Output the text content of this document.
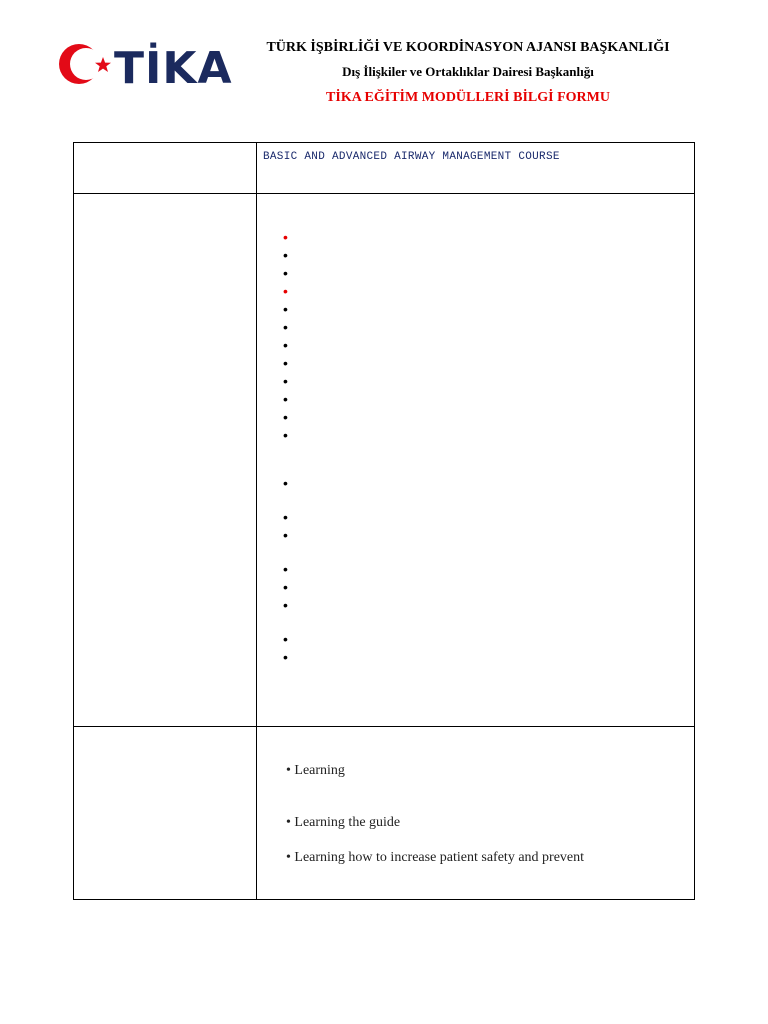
TİKA	TÜRK İŞBİRLİĞİ VE KOORDİNASYON AJANSI BAŞKANLIĞI
Dış İlişkiler ve Ortaklıklar Dairesi Başkanlığı
TİKA EĞİTİM MODÜLLERİ BİLGİ FORMU
BASIC AND ADVANCED AIRWAY MANAGEMENT COURSE
•
•
•
•
•
•
•
•
•
•
•
•
•
•
•
•
•
•
•
•
• Learning
• Learning the guide
• Learning how to increase patient safety and prevent
